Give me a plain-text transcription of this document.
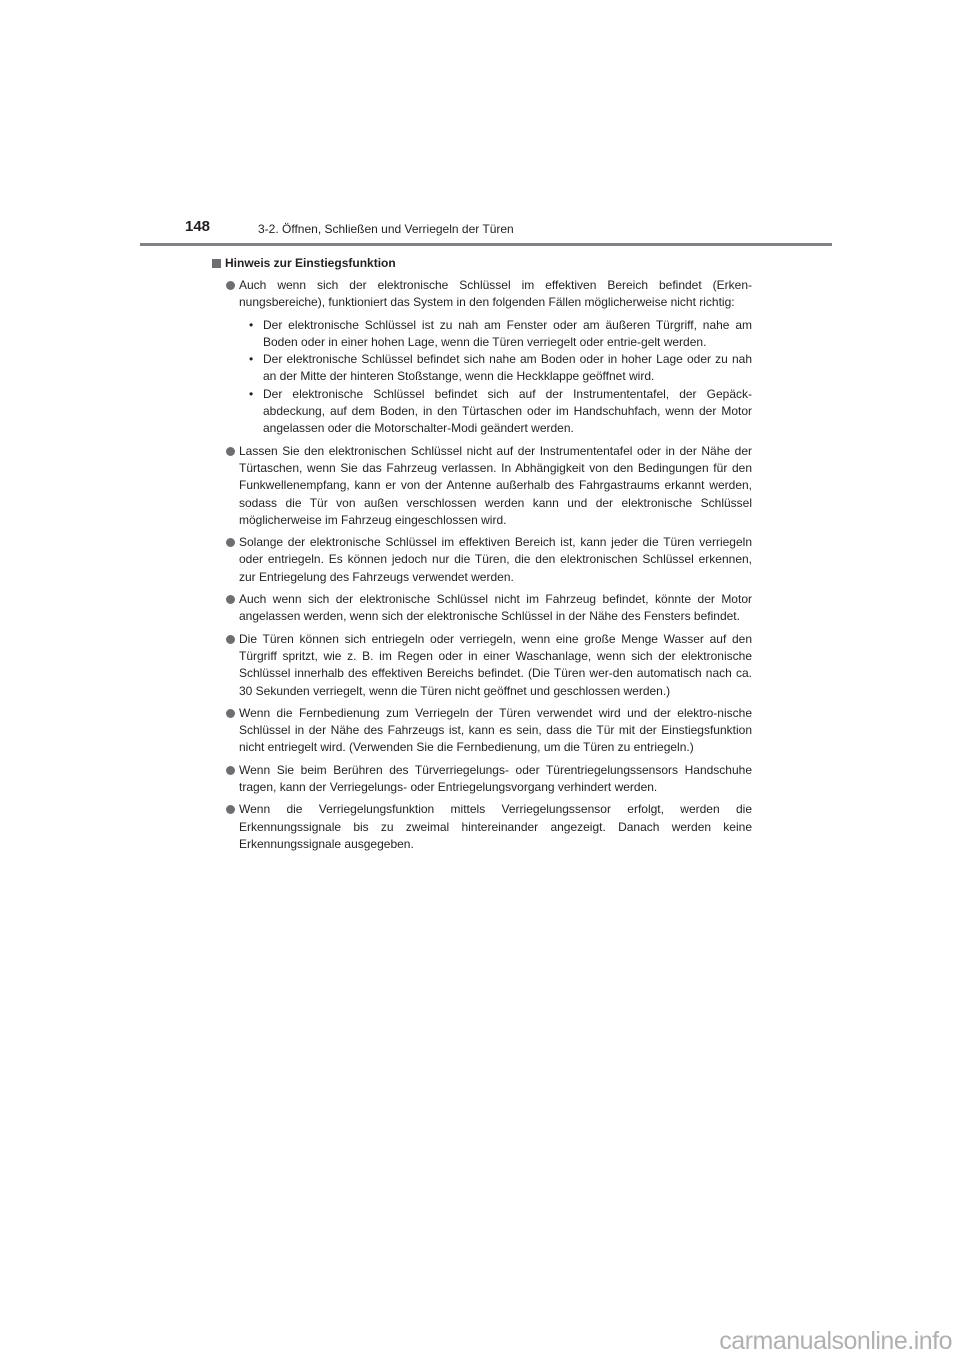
148	3-2. Öffnen, Schließen und Verriegeln der Türen
Hinweis zur Einstiegsfunktion
Auch wenn sich der elektronische Schlüssel im effektiven Bereich befindet (Erken-nungsbereiche), funktioniert das System in den folgenden Fällen möglicherweise nicht richtig:
• Der elektronische Schlüssel ist zu nah am Fenster oder am äußeren Türgriff, nahe am Boden oder in einer hohen Lage, wenn die Türen verriegelt oder entrie-gelt werden.
• Der elektronische Schlüssel befindet sich nahe am Boden oder in hoher Lage oder zu nah an der Mitte der hinteren Stoßstange, wenn die Heckklappe geöffnet wird.
• Der elektronische Schlüssel befindet sich auf der Instrumententafel, der Gepäck-abdeckung, auf dem Boden, in den Türtaschen oder im Handschuhfach, wenn der Motor angelassen oder die Motorschalter-Modi geändert werden.
Lassen Sie den elektronischen Schlüssel nicht auf der Instrumententafel oder in der Nähe der Türtaschen, wenn Sie das Fahrzeug verlassen. In Abhängigkeit von den Bedingungen für den Funkwellenempfang, kann er von der Antenne außerhalb des Fahrgastraums erkannt werden, sodass die Tür von außen verschlossen werden kann und der elektronische Schlüssel möglicherweise im Fahrzeug eingeschlossen wird.
Solange der elektronische Schlüssel im effektiven Bereich ist, kann jeder die Türen verriegeln oder entriegeln. Es können jedoch nur die Türen, die den elektronischen Schlüssel erkennen, zur Entriegelung des Fahrzeugs verwendet werden.
Auch wenn sich der elektronische Schlüssel nicht im Fahrzeug befindet, könnte der Motor angelassen werden, wenn sich der elektronische Schlüssel in der Nähe des Fensters befindet.
Die Türen können sich entriegeln oder verriegeln, wenn eine große Menge Wasser auf den Türgriff spritzt, wie z. B. im Regen oder in einer Waschanlage, wenn sich der elektronische Schlüssel innerhalb des effektiven Bereichs befindet. (Die Türen wer-den automatisch nach ca. 30 Sekunden verriegelt, wenn die Türen nicht geöffnet und geschlossen werden.)
Wenn die Fernbedienung zum Verriegeln der Türen verwendet wird und der elektro-nische Schlüssel in der Nähe des Fahrzeugs ist, kann es sein, dass die Tür mit der Einstiegsfunktion nicht entriegelt wird. (Verwenden Sie die Fernbedienung, um die Türen zu entriegeln.)
Wenn Sie beim Berühren des Türverriegelungs- oder Türentriegelungssensors Handschuhe tragen, kann der Verriegelungs- oder Entriegelungsvorgang verhindert werden.
Wenn die Verriegelungsfunktion mittels Verriegelungssensor erfolgt, werden die Erkennungssignale bis zu zweimal hintereinander angezeigt. Danach werden keine Erkennungssignale ausgegeben.
carmanualsonline.info
